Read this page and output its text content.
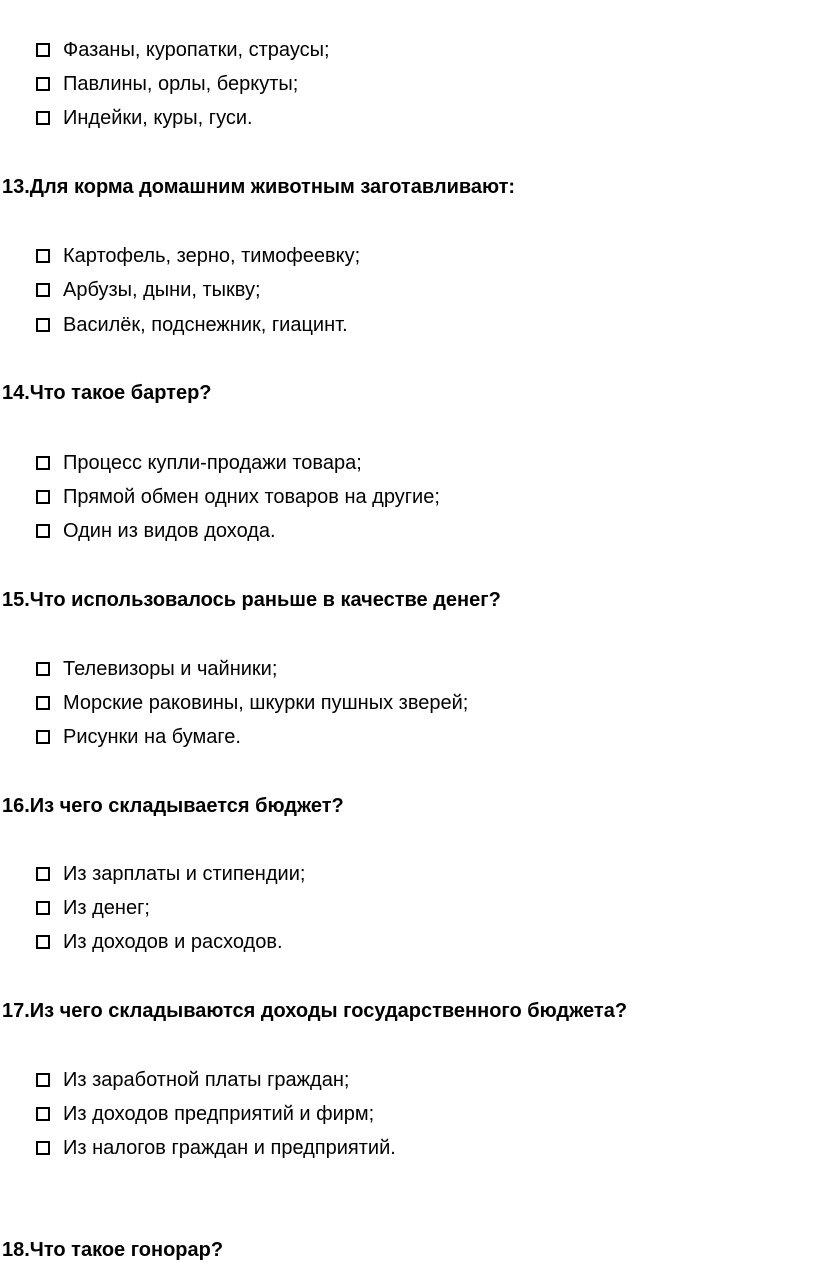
Фазаны, куропатки, страусы;
Павлины, орлы, беркуты;
Индейки, куры, гуси.
13.Для корма домашним животным заготавливают:
Картофель, зерно, тимофеевку;
Арбузы, дыни, тыкву;
Василёк, подснежник, гиацинт.
14.Что такое бартер?
Процесс купли-продажи товара;
Прямой обмен одних товаров на другие;
Один из видов дохода.
15.Что использовалось раньше в качестве денег?
Телевизоры и чайники;
Морские раковины, шкурки пушных зверей;
Рисунки на бумаге.
16.Из чего складывается бюджет?
Из зарплаты и стипендии;
Из денег;
Из доходов и расходов.
17.Из чего складываются доходы государственного бюджета?
Из заработной платы граждан;
Из доходов предприятий и фирм;
Из налогов граждан и предприятий.
18.Что такое гонорар?
